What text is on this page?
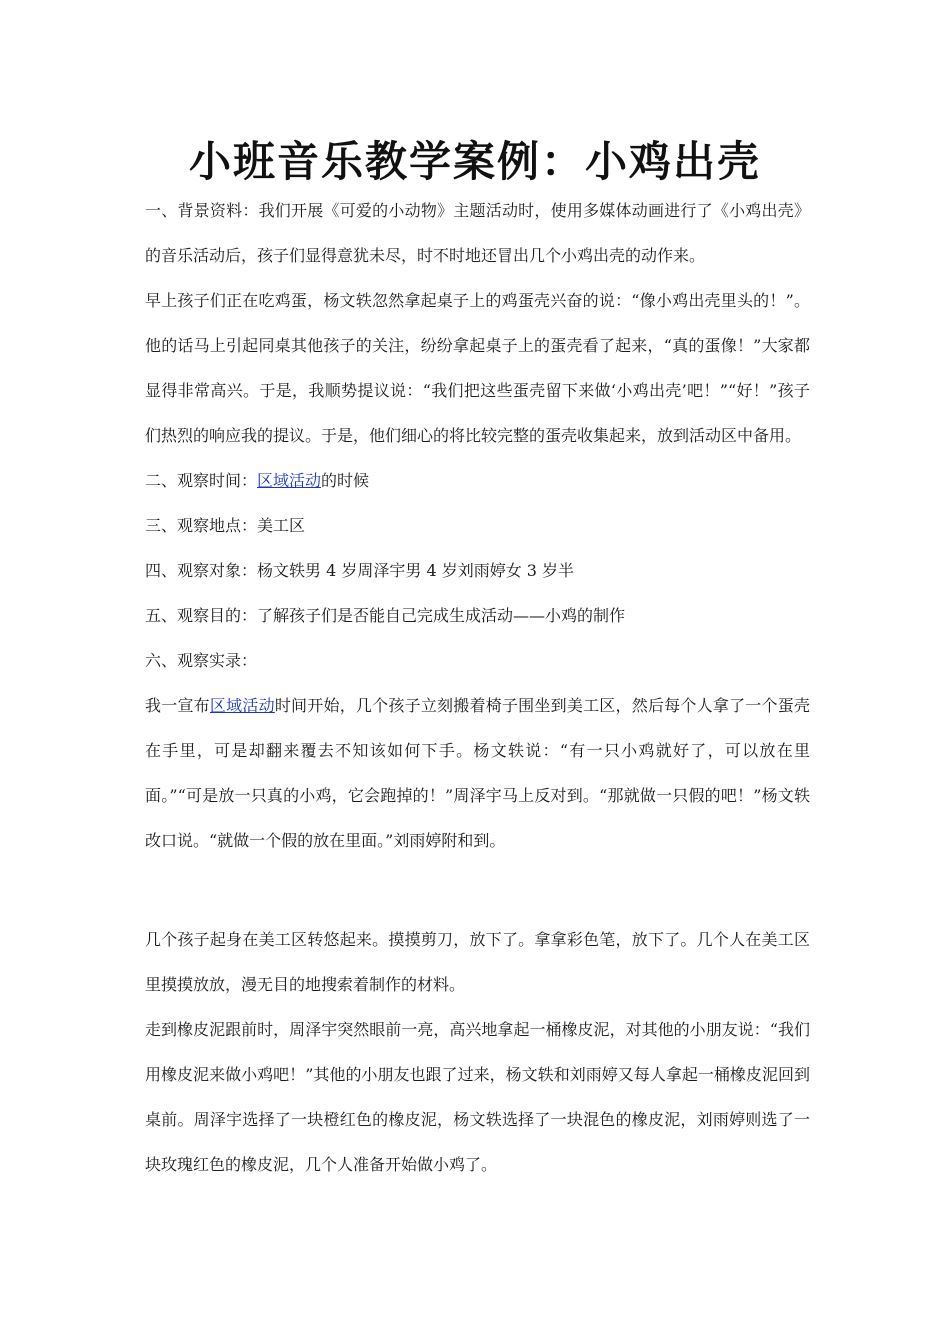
小班音乐教学案例：小鸡出壳

一、背景资料：我们开展《可爱的小动物》主题活动时，使用多媒体动画进行了《小鸡出壳》的音乐活动后，孩子们显得意犹未尽，时不时地还冒出几个小鸡出壳的动作来。

早上孩子们正在吃鸡蛋，杨文轶忽然拿起桌子上的鸡蛋壳兴奋的说：“像小鸡出壳里头的！”。他的话马上引起同桌其他孩子的关注，纷纷拿起桌子上的蛋壳看了起来，“真的蛋像！”大家都显得非常高兴。于是，我顺势提议说：“我们把这些蛋壳留下来做‘小鸡出壳’吧！”“好！”孩子们热烈的响应我的提议。于是，他们细心的将比较完整的蛋壳收集起来，放到活动区中备用。

二、观察时间：区域活动的时候

三、观察地点：美工区

四、观察对象：杨文轶男 4 岁周泽宇男 4 岁刘雨婷女 3 岁半

五、观察目的：了解孩子们是否能自己完成生成活动——小鸡的制作

六、观察实录：

我一宣布区域活动时间开始，几个孩子立刻搬着椅子围坐到美工区，然后每个人拿了一个蛋壳在手里，可是却翻来覆去不知该如何下手。杨文轶说：“有一只小鸡就好了，可以放在里面。”“可是放一只真的小鸡，它会跑掉的！”周泽宇马上反对到。“那就做一只假的吧！”杨文轶改口说。“就做一个假的放在里面。”刘雨婷附和到。

几个孩子起身在美工区转悠起来。摸摸剪刀，放下了。拿拿彩色笔，放下了。几个人在美工区里摸摸放放，漫无目的地搜索着制作的材料。

走到橡皮泥跟前时，周泽宇突然眼前一亮，高兴地拿起一桶橡皮泥，对其他的小朋友说：“我们用橡皮泥来做小鸡吧！”其他的小朋友也跟了过来，杨文轶和刘雨婷又每人拿起一桶橡皮泥回到桌前。周泽宇选择了一块橙红色的橡皮泥，杨文轶选择了一块混色的橡皮泥，刘雨婷则选了一块玫瑰红色的橡皮泥，几个人准备开始做小鸡了。
